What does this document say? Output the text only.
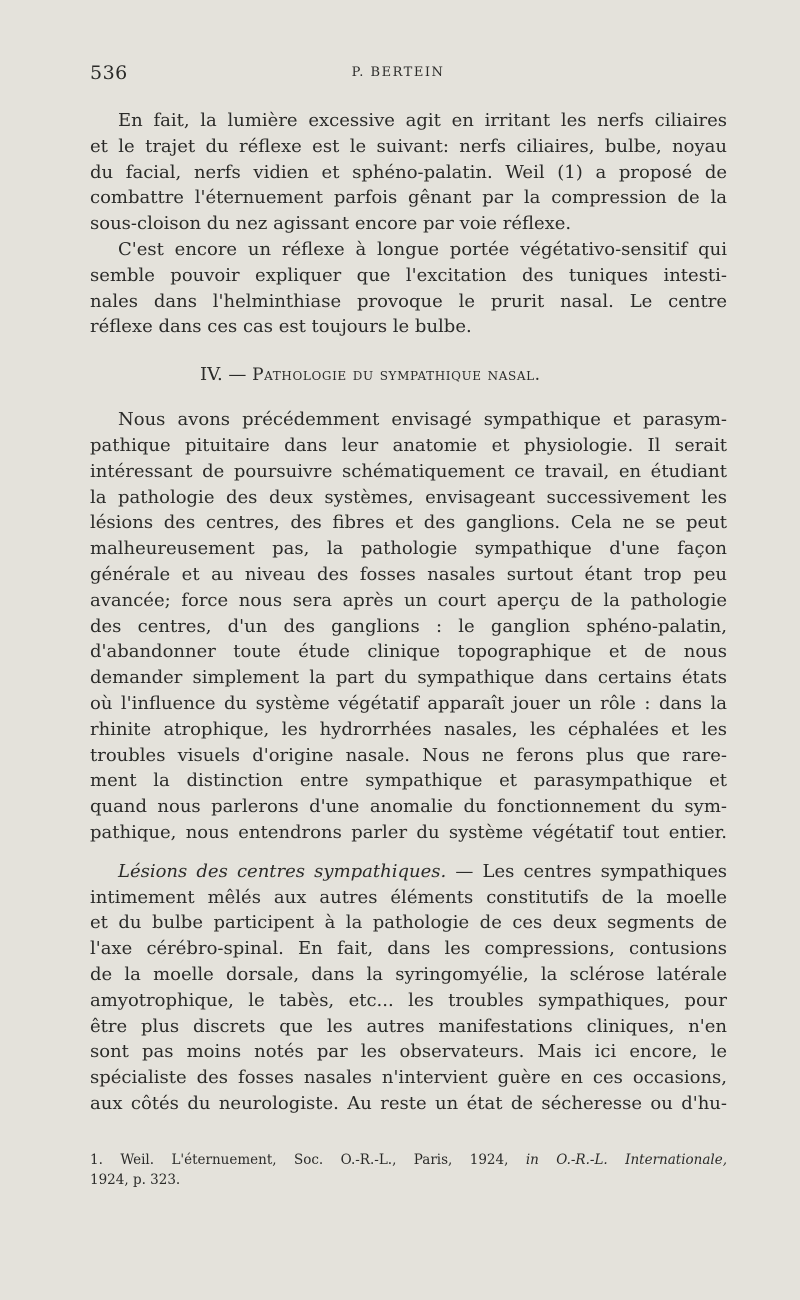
536	P. BERTEIN
En fait, la lumière excessive agit en irritant les nerfs ciliaires
et le trajet du réflexe est le suivant: nerfs ciliaires, bulbe, noyau
du facial, nerfs vidien et sphéno-palatin. Weil (1) a proposé de
combattre l'éternuement parfois gênant par la compression de la
sous-cloison du nez agissant encore par voie réflexe.
C'est encore un réflexe à longue portée végétativo-sensitif qui
semble pouvoir expliquer que l'excitation des tuniques intesti-
nales dans l'helminthiase provoque le prurit nasal. Le centre
réflexe dans ces cas est toujours le bulbe.
IV. — Pathologie du sympathique nasal.
Nous avons précédemment envisagé sympathique et parasym-
pathique pituitaire dans leur anatomie et physiologie. Il serait
intéressant de poursuivre schématiquement ce travail, en étudiant
la pathologie des deux systèmes, envisageant successivement les
lésions des centres, des fibres et des ganglions. Cela ne se peut
malheureusement pas, la pathologie sympathique d'une façon
générale et au niveau des fosses nasales surtout étant trop peu
avancée; force nous sera après un court aperçu de la pathologie
des centres, d'un des ganglions : le ganglion sphéno-palatin,
d'abandonner toute étude clinique topographique et de nous
demander simplement la part du sympathique dans certains états
où l'influence du système végétatif apparaît jouer un rôle : dans la
rhinite atrophique, les hydrorrhées nasales, les céphalées et les
troubles visuels d'origine nasale. Nous ne ferons plus que rare-
ment la distinction entre sympathique et parasympathique et
quand nous parlerons d'une anomalie du fonctionnement du sym-
pathique, nous entendrons parler du système végétatif tout entier.
Lésions des centres sympathiques. — Les centres sympathiques
intimement mêlés aux autres éléments constitutifs de la moelle
et du bulbe participent à la pathologie de ces deux segments de
l'axe cérébro-spinal. En fait, dans les compressions, contusions
de la moelle dorsale, dans la syringomyélie, la sclérose latérale
amyotrophique, le tabès, etc... les troubles sympathiques, pour
être plus discrets que les autres manifestations cliniques, n'en
sont pas moins notés par les observateurs. Mais ici encore, le
spécialiste des fosses nasales n'intervient guère en ces occasions,
aux côtés du neurologiste. Au reste un état de sécheresse ou d'hu-
1. Weil. L'éternuement, Soc. O.-R.-L., Paris, 1924, in O.-R.-L. Internationale,
1924, p. 323.
